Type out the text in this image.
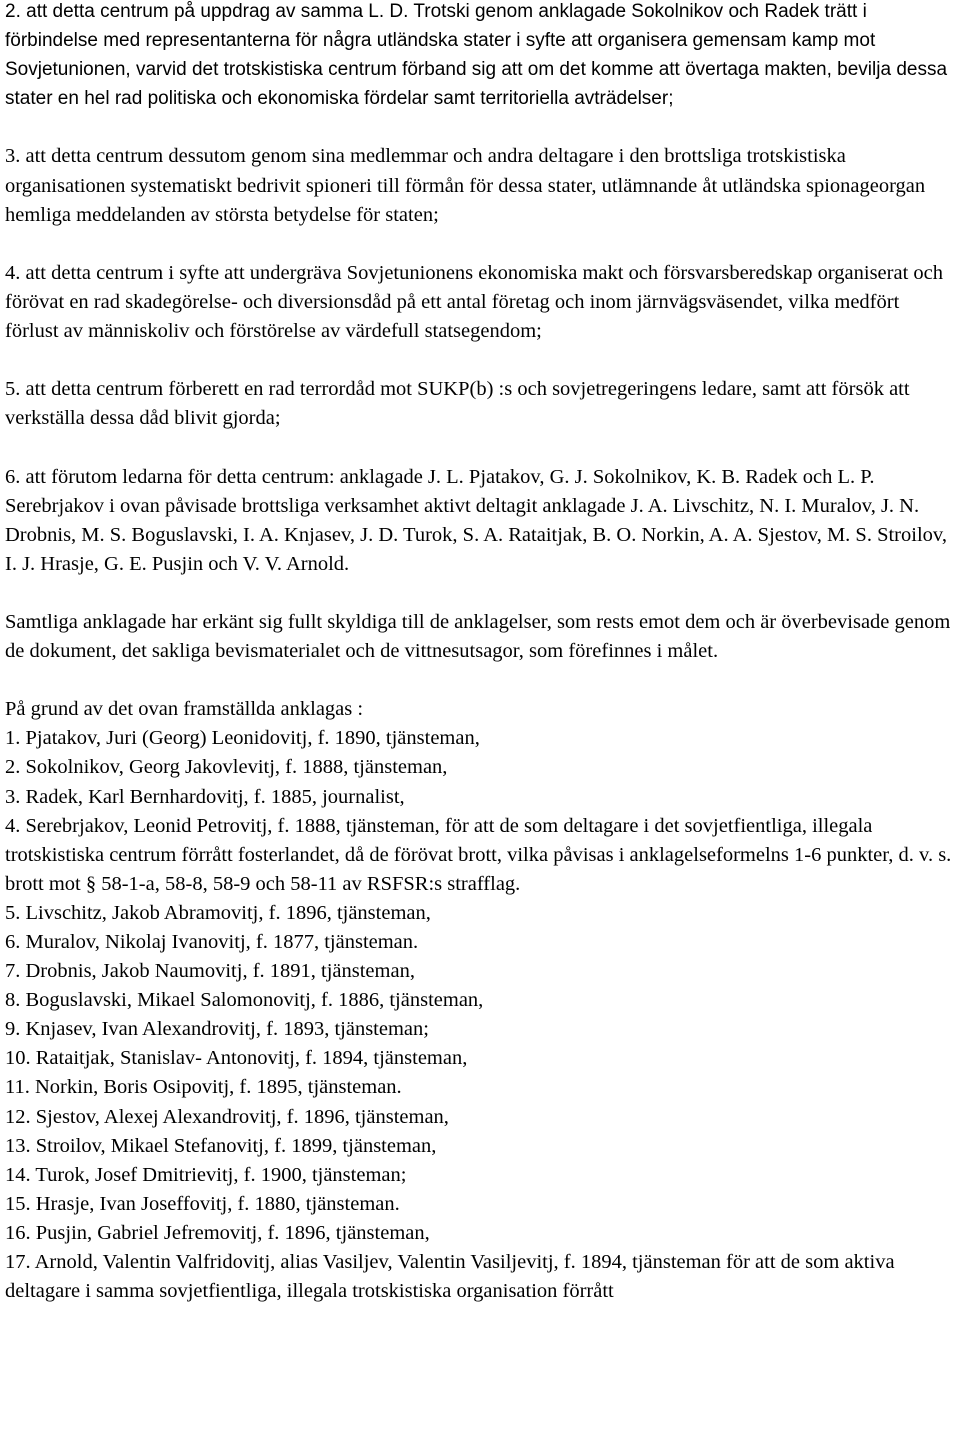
2. att detta centrum på uppdrag av samma L. D. Trotski genom anklagade Sokolnikov och Radek trätt i förbindelse med representanterna för några utländska stater i syfte att organisera gemensam kamp mot Sovjetunionen, varvid det trotskistiska centrum förband sig att om det komme att övertaga makten, bevilja dessa stater en hel rad politiska och ekonomiska fördelar samt territoriella avträdelser;

3. att detta centrum dessutom genom sina medlemmar och andra deltagare i den brottsliga trotskistiska organisationen systematiskt bedrivit spioneri till förmån för dessa stater, utlämnande åt utländska spionageorgan hemliga meddelanden av största betydelse för staten;

4. att detta centrum i syfte att undergräva Sovjetunionens ekonomiska makt och försvarsberedskap organiserat och förövat en rad skadegörelse- och diversionsdåd på ett antal företag och inom järnvägsväsendet, vilka medfört förlust av människoliv och förstörelse av värdefull statsegendom;

5. att detta centrum förberett en rad terrordåd mot SUKP(b) :s och sovjetregeringens ledare, samt att försök att verkställa dessa dåd blivit gjorda;

6. att förutom ledarna för detta centrum: anklagade J. L. Pjatakov, G. J. Sokolnikov, K. B. Radek och L. P. Serebrjakov i ovan påvisade brottsliga verksamhet aktivt deltagit anklagade J. A. Livschitz, N. I. Muralov, J. N. Drobnis, M. S. Boguslavski, I. A. Knjasev, J. D. Turok, S. A. Rataitjak, B. O. Norkin, A. A. Sjestov, M. S. Stroilov, I. J. Hrasje, G. E. Pusjin och V. V. Arnold.

Samtliga anklagade har erkänt sig fullt skyldiga till de anklagelser, som rests emot dem och är överbevisade genom de dokument, det sakliga bevismaterialet och de vittnesutsagor, som förefinnes i målet.

På grund av det ovan framställda anklagas :

1. Pjatakov, Juri (Georg) Leonidovitj, f. 1890, tjänsteman,

2. Sokolnikov, Georg Jakovlevitj, f. 1888, tjänsteman,

3. Radek, Karl Bernhardovitj, f. 1885, journalist,

4. Serebrjakov, Leonid Petrovitj, f. 1888, tjänsteman, för att de som deltagare i det sovjetfientliga, illegala trotskistiska centrum förrått fosterlandet, då de förövat brott, vilka påvisas i anklagelseformelns 1-6 punkter, d. v. s. brott mot § 58-1-a, 58-8, 58-9 och 58-11 av RSFSR:s strafflag.

5. Livschitz, Jakob Abramovitj, f. 1896, tjänsteman,

6. Muralov, Nikolaj Ivanovitj, f. 1877, tjänsteman.

7. Drobnis, Jakob Naumovitj, f. 1891, tjänsteman,

8. Boguslavski, Mikael Salomonovitj, f. 1886, tjänsteman,

9. Knjasev, Ivan Alexandrovitj, f. 1893, tjänsteman;

10. Rataitjak, Stanislav- Antonovitj, f. 1894, tjänsteman,

11. Norkin, Boris Osipovitj, f. 1895, tjänsteman.

12. Sjestov, Alexej Alexandrovitj, f. 1896, tjänsteman,

13. Stroilov, Mikael Stefanovitj, f. 1899, tjänsteman,

14. Turok, Josef Dmitrievitj, f. 1900, tjänsteman;

15. Hrasje, Ivan Joseffovitj, f. 1880, tjänsteman.

16. Pusjin, Gabriel Jefremovitj, f. 1896, tjänsteman,

17. Arnold, Valentin Valfridovitj, alias Vasiljev, Valentin Vasiljevitj, f. 1894, tjänsteman för att de som aktiva deltagare i samma sovjetfientliga, illegala trotskistiska organisation förrått
